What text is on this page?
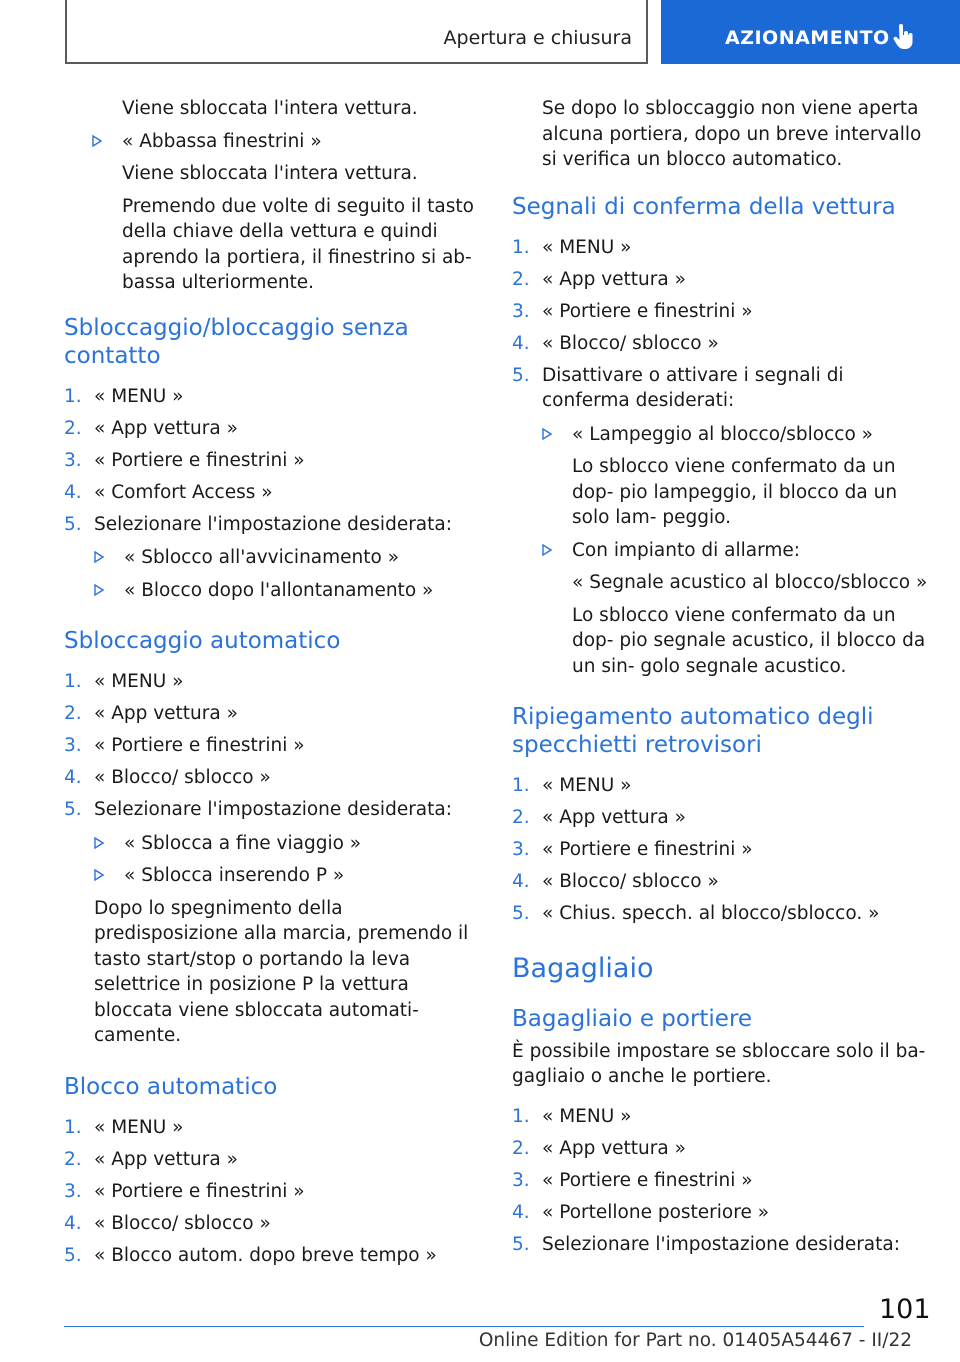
Apertura e chiusura	AZIONAMENTO

Viene sbloccata l'intera vettura.

« Abbassa finestrini »

Viene sbloccata l'intera vettura.

Premendo due volte di seguito il tasto della chiave della vettura e quindi aprendo la portiera, il finestrino si ab‐ bassa ulteriormente.

Sbloccaggio/bloccaggio senza contatto
1. « MENU »
2. « App vettura »
3. « Portiere e finestrini »
4. « Comfort Access »
5. Selezionare l'impostazione desiderata:
« Sblocco all'avvicinamento »
« Blocco dopo l'allontanamento »
Sbloccaggio automatico
1. « MENU »
2. « App vettura »
3. « Portiere e finestrini »
4. « Blocco/ sblocco »
5. Selezionare l'impostazione desiderata:
« Sblocca a fine viaggio »
« Sblocca inserendo P »

Dopo lo spegnimento della predisposizione alla marcia, premendo il tasto start/stop o portando la leva selettrice in posizione P la vettura bloccata viene sbloccata automati‐ camente.

Blocco automatico
1. « MENU »
2. « App vettura »
3. « Portiere e finestrini »
4. « Blocco/ sblocco »
5. « Blocco autom. dopo breve tempo »

Se dopo lo sbloccaggio non viene aperta alcuna portiera, dopo un breve intervallo si verifica un blocco automatico.

Segnali di conferma della vettura
1. « MENU »
2. « App vettura »
3. « Portiere e finestrini »
4. « Blocco/ sblocco »
5. Disattivare o attivare i segnali di conferma desiderati:
« Lampeggio al blocco/sblocco »

Lo sblocco viene confermato da un dop‐ pio lampeggio, il blocco da un solo lam‐ peggio.

Con impianto di allarme:

« Segnale acustico al blocco/sblocco »

Lo sblocco viene confermato da un dop‐ pio segnale acustico, il blocco da un sin‐ golo segnale acustico.

Ripiegamento automatico degli specchietti retrovisori
1. « MENU »
2. « App vettura »
3. « Portiere e finestrini »
4. « Blocco/ sblocco »
5. « Chius. specch. al blocco/sblocco. »
Bagagliaio
Bagagliaio e portiere

È possibile impostare se sbloccare solo il ba‐ gagliaio o anche le portiere.

1. « MENU »
2. « App vettura »
3. « Portiere e finestrini »
4. « Portellone posteriore »
5. Selezionare l'impostazione desiderata:
101
Online Edition for Part no. 01405A54467 - II/22
